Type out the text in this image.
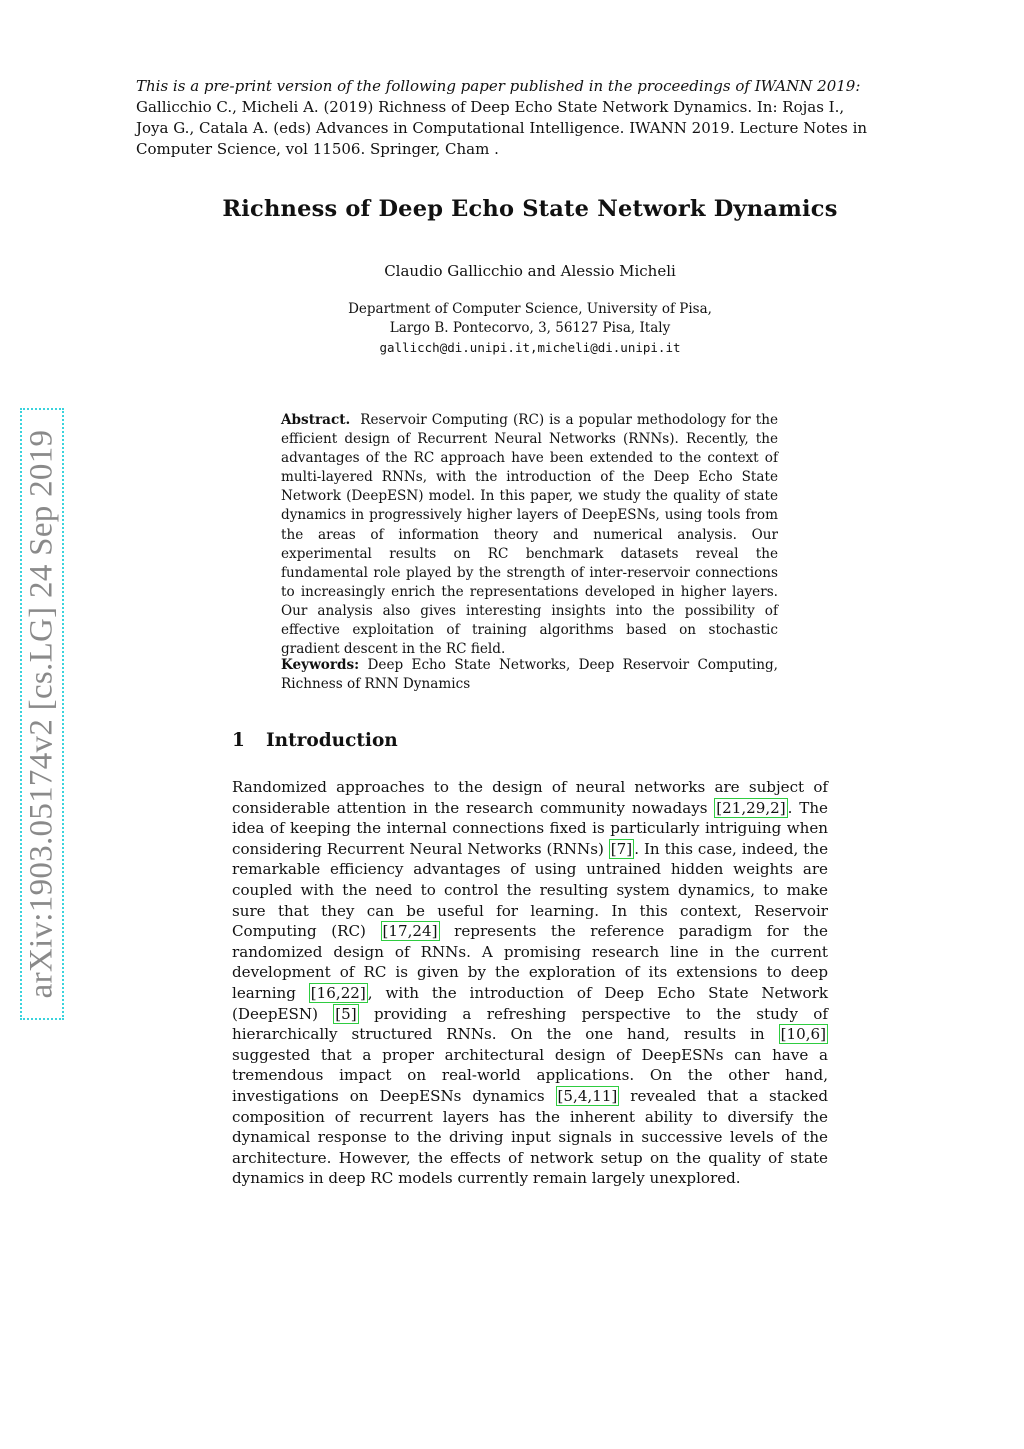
This is a pre-print version of the following paper published in the proceedings of IWANN 2019:

Gallicchio C., Micheli A. (2019) Richness of Deep Echo State Network Dynamics. In: Rojas I., Joya G., Catala A. (eds) Advances in Computational Intelligence. IWANN 2019. Lecture Notes in Computer Science, vol 11506. Springer, Cham .

Richness of Deep Echo State Network Dynamics
Claudio Gallicchio and Alessio Micheli
Department of Computer Science, University of Pisa,
Largo B. Pontecorvo, 3, 56127 Pisa, Italy
gallicch@di.unipi.it,micheli@di.unipi.it
arXiv:1903.05174v2 [cs.LG] 24 Sep 2019

Abstract. Reservoir Computing (RC) is a popular methodology for the efficient design of Recurrent Neural Networks (RNNs). Recently, the advantages of the RC approach have been extended to the context of multi-layered RNNs, with the introduction of the Deep Echo State Network (DeepESN) model. In this paper, we study the quality of state dynamics in progressively higher layers of DeepESNs, using tools from the areas of information theory and numerical analysis. Our experimental results on RC benchmark datasets reveal the fundamental role played by the strength of inter-reservoir connections to increasingly enrich the representations developed in higher layers. Our analysis also gives interesting insights into the possibility of effective exploitation of training algorithms based on stochastic gradient descent in the RC field.

Keywords: Deep Echo State Networks, Deep Reservoir Computing, Richness of RNN Dynamics
1 Introduction

Randomized approaches to the design of neural networks are subject of considerable attention in the research community nowadays [21,29,2] . The idea of keeping the internal connections fixed is particularly intriguing when considering Recurrent Neural Networks (RNNs) [7] . In this case, indeed, the remarkable efficiency advantages of using untrained hidden weights are coupled with the need to control the resulting system dynamics, to make sure that they can be useful for learning. In this context, Reservoir Computing (RC) [17,24] represents the reference paradigm for the randomized design of RNNs. A promising research line in the current development of RC is given by the exploration of its extensions to deep learning [16,22] , with the introduction of Deep Echo State Network (DeepESN) [5] providing a refreshing perspective to the study of hierarchically structured RNNs. On the one hand, results in [10,6] suggested that a proper architectural design of DeepESNs can have a tremendous impact on real-world applications. On the other hand, investigations on DeepESNs dynamics [5,4,11] revealed that a stacked composition of recurrent layers has the inherent ability to diversify the dynamical response to the driving input signals in successive levels of the architecture. However, the effects of network setup on the quality of state dynamics in deep RC models currently remain largely unexplored.
